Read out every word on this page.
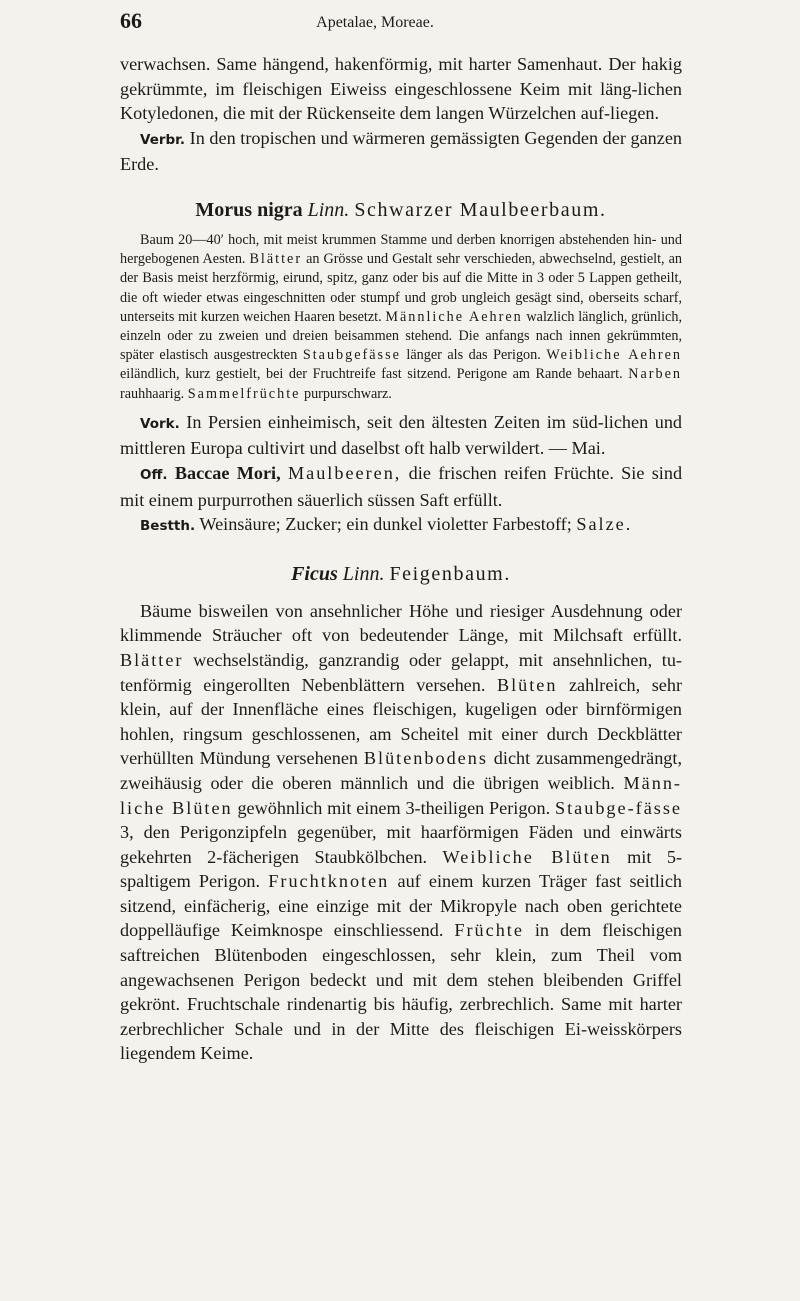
66	Apetalae, Moreae.

verwachsen. Same hängend, hakenförmig, mit harter Samenhaut. Der hakig gekrümmte, im fleischigen Eiweiss eingeschlossene Keim mit läng-lichen Kotyledonen, die mit der Rückenseite dem langen Würzelchen auf-liegen.

Verbr. In den tropischen und wärmeren gemässigten Gegenden der ganzen Erde.

Morus nigra Linn. Schwarzer Maulbeerbaum.

Baum 20—40′ hoch, mit meist krummen Stamme und derben knorrigen abstehenden hin- und hergebogenen Aesten. Blätter an Grösse und Gestalt sehr verschieden, abwechselnd, gestielt, an der Basis meist herzförmig, eirund, spitz, ganz oder bis auf die Mitte in 3 oder 5 Lappen getheilt, die oft wieder etwas eingeschnitten oder stumpf und grob ungleich gesägt sind, oberseits scharf, unterseits mit kurzen weichen Haaren besetzt. Männliche Aehren walzlich länglich, grünlich, einzeln oder zu zweien und dreien beisammen stehend. Die anfangs nach innen gekrümmten, später elastisch ausgestreckten Staubgefässe länger als das Perigon. Weibliche Aehren eiländlich, kurz gestielt, bei der Fruchtreife fast sitzend. Perigone am Rande behaart. Narben rauhhaarig. Sammelfrüchte purpurschwarz.

Vork. In Persien einheimisch, seit den ältesten Zeiten im süd-lichen und mittleren Europa cultivirt und daselbst oft halb verwildert. — Mai.

Off. Baccae Mori, Maulbeeren, die frischen reifen Früchte. Sie sind mit einem purpurrothen säuerlich süssen Saft erfüllt.

Bestth. Weinsäure; Zucker; ein dunkel violetter Farbestoff; Salze.

Ficus Linn. Feigenbaum.

Bäume bisweilen von ansehnlicher Höhe und riesiger Ausdehnung oder klimmende Sträucher oft von bedeutender Länge, mit Milchsaft erfüllt. Blätter wechselständig, ganzrandig oder gelappt, mit ansehnlichen, tu-tenförmig eingerollten Nebenblättern versehen. Blüten zahlreich, sehr klein, auf der Innenfläche eines fleischigen, kugeligen oder birnförmigen hohlen, ringsum geschlossenen, am Scheitel mit einer durch Deckblätter verhüllten Mündung versehenen Blütenbodens dicht zusammengedrängt, zweihäusig oder die oberen männlich und die übrigen weiblich. Männ-liche Blüten gewöhnlich mit einem 3-theiligen Perigon. Staubge-fässe 3, den Perigonzipfeln gegenüber, mit haarförmigen Fäden und einwärts gekehrten 2-fächerigen Staubkölbchen. Weibliche Blüten mit 5-spaltigem Perigon. Fruchtknoten auf einem kurzen Träger fast seitlich sitzend, einfächerig, eine einzige mit der Mikropyle nach oben gerichtete doppelläufige Keimknospe einschliessend. Früchte in dem fleischigen saftreichen Blütenboden eingeschlossen, sehr klein, zum Theil vom angewachsenen Perigon bedeckt und mit dem stehen bleibenden Griffel gekrönt. Fruchtschale rindenartig bis häufig, zerbrechlich. Same mit harter zerbrechlicher Schale und in der Mitte des fleischigen Ei-weisskörpers liegendem Keime.
